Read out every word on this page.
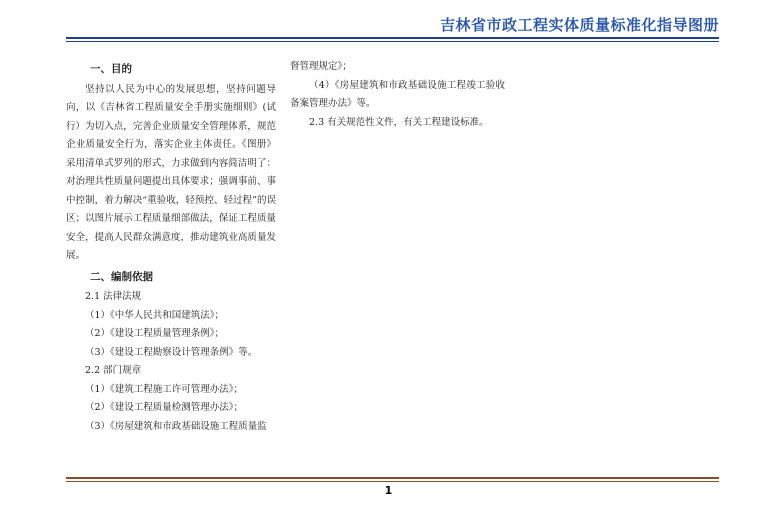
吉林省市政工程实体质量标准化指导图册
一、目的

坚持以人民为中心的发展思想，坚持问题导向，以《吉林省工程质量安全手册实施细则》(试行）为切入点，完善企业质量安全管理体系，规范企业质量安全行为，落实企业主体责任。《图册》采用清单式罗列的形式，力求做到内容简洁明了：对治理共性质量问题提出具体要求；强调事前、事中控制，着力解决“重验收，轻预控、轻过程”的误区；以图片展示工程质量细部做法，保证工程质量安全，提高人民群众满意度，推动建筑业高质量发展。

二、编制依据

2.1 法律法规

（1）《中华人民共和国建筑法》；

（2）《建设工程质量管理条例》；

（3）《建设工程勘察设计管理条例》等。

2.2 部门规章

（1）《建筑工程施工许可管理办法》；

（2）《建设工程质量检测管理办法》；

（3）《房屋建筑和市政基础设施工程质量监

督管理规定》；

（4）《房屋建筑和市政基础设施工程竣工验收备案管理办法》等。

2.3 有关规范性文件，有关工程建设标准。

1
